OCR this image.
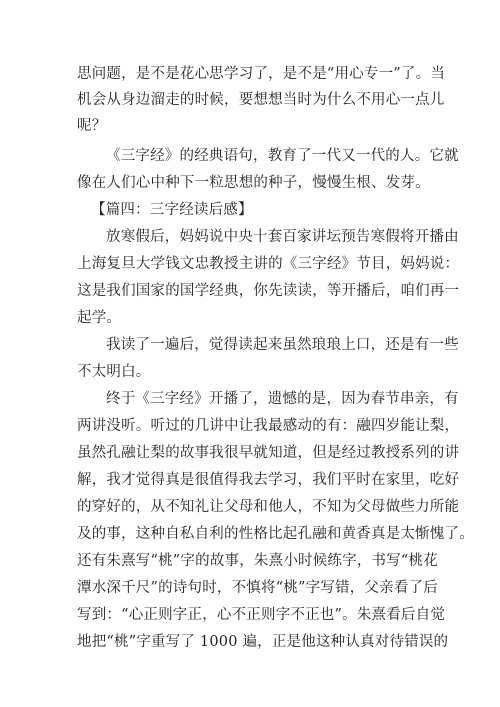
思问题，是不是花心思学习了，是不是“用心专一”了。当
机会从身边溜走的时候，要想想当时为什么不用心一点儿
呢？
《三字经》的经典语句，教育了一代又一代的人。它就
像在人们心中种下一粒思想的种子，慢慢生根、发芽。
【篇四：三字经读后感】
放寒假后，妈妈说中央十套百家讲坛预告寒假将开播由
上海复旦大学钱文忠教授主讲的《三字经》节目，妈妈说：
这是我们国家的国学经典，你先读读，等开播后，咱们再一
起学。
我读了一遍后，觉得读起来虽然琅琅上口，还是有一些
不太明白。
终于《三字经》开播了，遗憾的是，因为春节串亲，有
两讲没听。听过的几讲中让我最感动的有：融四岁能让梨，
虽然孔融让梨的故事我很早就知道，但是经过教授系列的讲
解，我才觉得真是很值得我去学习，我们平时在家里，吃好
的穿好的，从不知礼让父母和他人，不知为父母做些力所能
及的事，这种自私自利的性格比起孔融和黄香真是太惭愧了。
还有朱熹写“桃”字的故事，朱熹小时候练字，书写“桃花
潭水深千尺”的诗句时，不慎将“桃”字写错，父亲看了后
写到：“心正则字正，心不正则字不正也”。朱熹看后自觉
地把“桃”字重写了 1000 遍，正是他这种认真对待错误的
